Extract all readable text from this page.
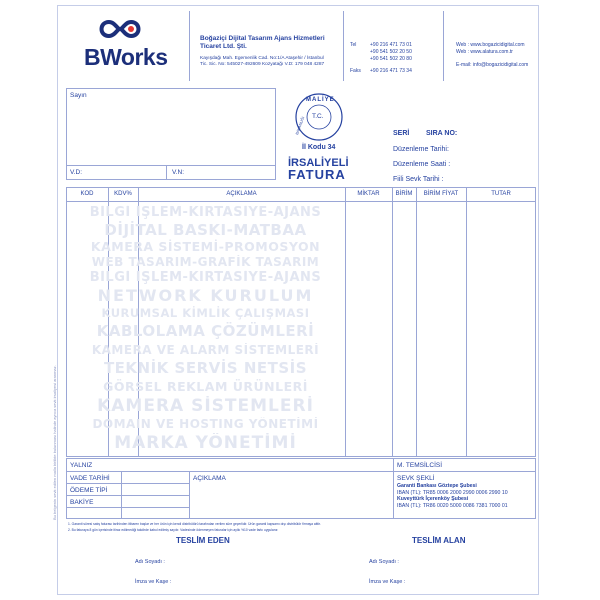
BWorks
Boğaziçi Dijital Tasarım Ajans Hizmetleri
Ticaret Ltd. Şti.
Kayışdağı Mah. Egemenlik Cad. No:1/A Ataşehir / İstanbul
Tic. Sic. No: 545027-492609 Kozyatağı V.D: 179 048 4287
Tel	+90 216 471 73 01
+90 541 502 20 50
+90 541 502 20 80
Faks +90 216 471 73 34
Web : www.bogazicidigital.com
Web : www.alatura.com.tr
E-mail: info@bogazicidigital.com
Sayın
V.D:	V.N:
MALİYE
BAKANLIĞI T.C.
İl Kodu 34
İRSALİYELİ
FATURA
SERİ SIRA NO:
Düzenleme Tarihi:
Düzenleme Saati :
Fiili Sevk Tarihi :
KOD	KDV%	AÇIKLAMA	MİKTAR	BİRİM	BİRİM FİYAT	TUTAR
BİLGİ İŞLEM-KIRTASİYE-AJANS
DİJİTAL BASKI-MATBAA
KAMERA SİSTEMİ-PROMOSYON
WEB TASARIM-GRAFİK TASARIM
BİLGİ İŞLEM-KIRTASİYE-AJANS
NETWORK KURULUM
KURUMSAL KİMLİK ÇALIŞMASI
KABLOLAMA ÇÖZÜMLERİ
KAMERA VE ALARM SİSTEMLERİ
TEKNİK SERVİS NETSİS
GÖRSEL REKLAM ÜRÜNLERİ
KAMERA SİSTEMLERİ
DOMAIN VE HOSTING YÖNETİMİ
MARKA YÖNETİMİ
YALNIZ	M. TEMSİLCİSİ
VADE TARİHİ	AÇIKLAMA	SEVK ŞEKLİ
ÖDEME TİPİ
BAKİYE
Garanti Bankası Göztepe Şubesi
IBAN (TL): TR85 0006 2000 2990 0006 2990 10
Kuveyttürk İçerenköy Şubesi
IBAN (TL): TR86 0020 5000 0086 7381 7000 01
1. Garanti süresi satış faturası tarihinden itibaren başlar ve her ürün için kendi distribütörü tarafından verilen süre geçerlidir. Ürün garanti kapsamı dışı distribütör firmaya aittir.
2. Bu faturaya 8 gün içerisinde itiraz edilmediği takdirde kabul edilmiş sayılır. Vadesinde ödenmeyen faturalar için aylık %10 vade farkı uygulanır.
TESLİM EDEN	TESLİM ALAN
Adı Soyadı :
İmza ve Kaşe :
Adı Soyadı :
İmza ve Kaşe :
Bu belgenin sevk edilen malla birlikte bulunması halinde ayrıca sevk irsaliyesi aranmaz.
